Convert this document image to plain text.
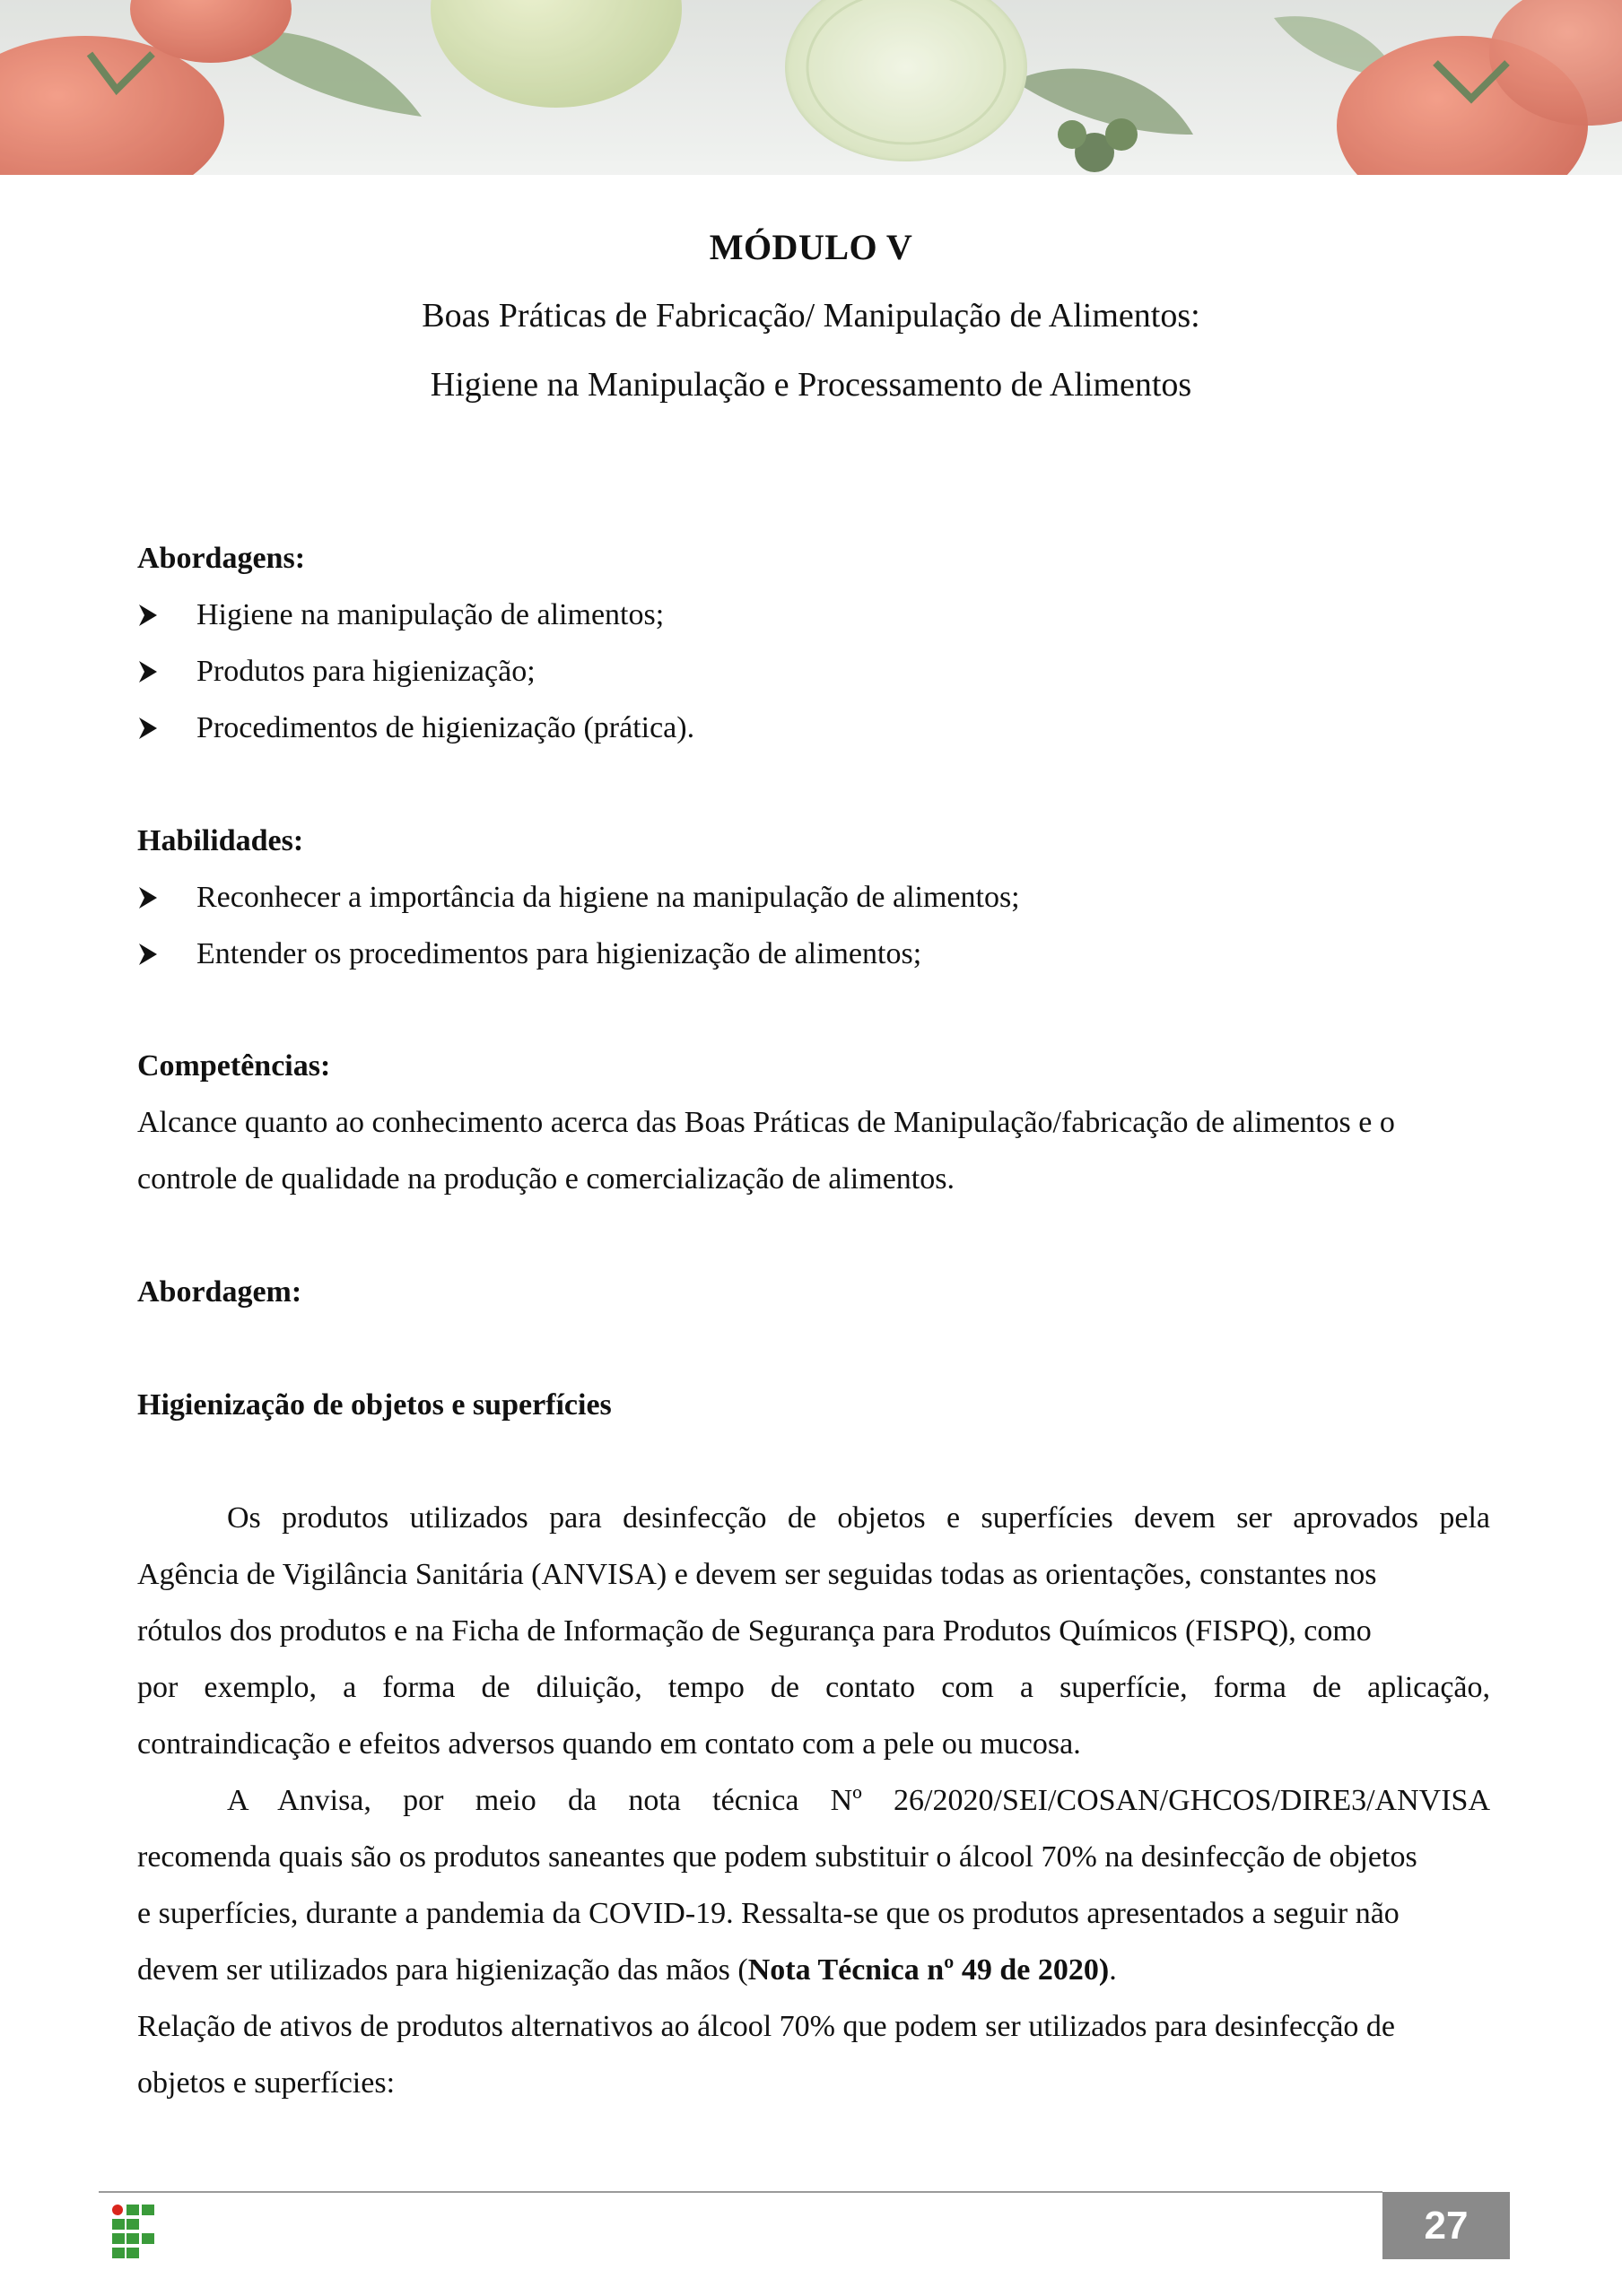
MÓDULO V
Boas Práticas de Fabricação/ Manipulação de Alimentos:
Higiene na Manipulação e Processamento de Alimentos
Abordagens:
Higiene na manipulação de alimentos;
Produtos para higienização;
Procedimentos de higienização (prática).
Habilidades:
Reconhecer a importância da higiene na manipulação de alimentos;
Entender os procedimentos para higienização de alimentos;
Competências:
Alcance quanto ao conhecimento acerca das Boas Práticas de Manipulação/fabricação de alimentos e o
controle de qualidade na produção e comercialização de alimentos.
Abordagem:
Higienização de objetos e superfícies
Os produtos utilizados para desinfecção de objetos e superfícies devem ser aprovados pela
Agência de Vigilância Sanitária (ANVISA) e devem ser seguidas todas as orientações, constantes nos
rótulos dos produtos e na Ficha de Informação de Segurança para Produtos Químicos (FISPQ), como
por exemplo, a forma de diluição, tempo de contato com a superfície, forma de aplicação,
contraindicação e efeitos adversos quando em contato com a pele ou mucosa.
A Anvisa, por meio da nota técnica Nº 26/2020/SEI/COSAN/GHCOS/DIRE3/ANVISA
recomenda quais são os produtos saneantes que podem substituir o álcool 70% na desinfecção de objetos
e superfícies, durante a pandemia da COVID-19. Ressalta-se que os produtos apresentados a seguir não
devem ser utilizados para higienização das mãos (Nota Técnica nº 49 de 2020).
Relação de ativos de produtos alternativos ao álcool 70% que podem ser utilizados para desinfecção de
objetos e superfícies:
27
